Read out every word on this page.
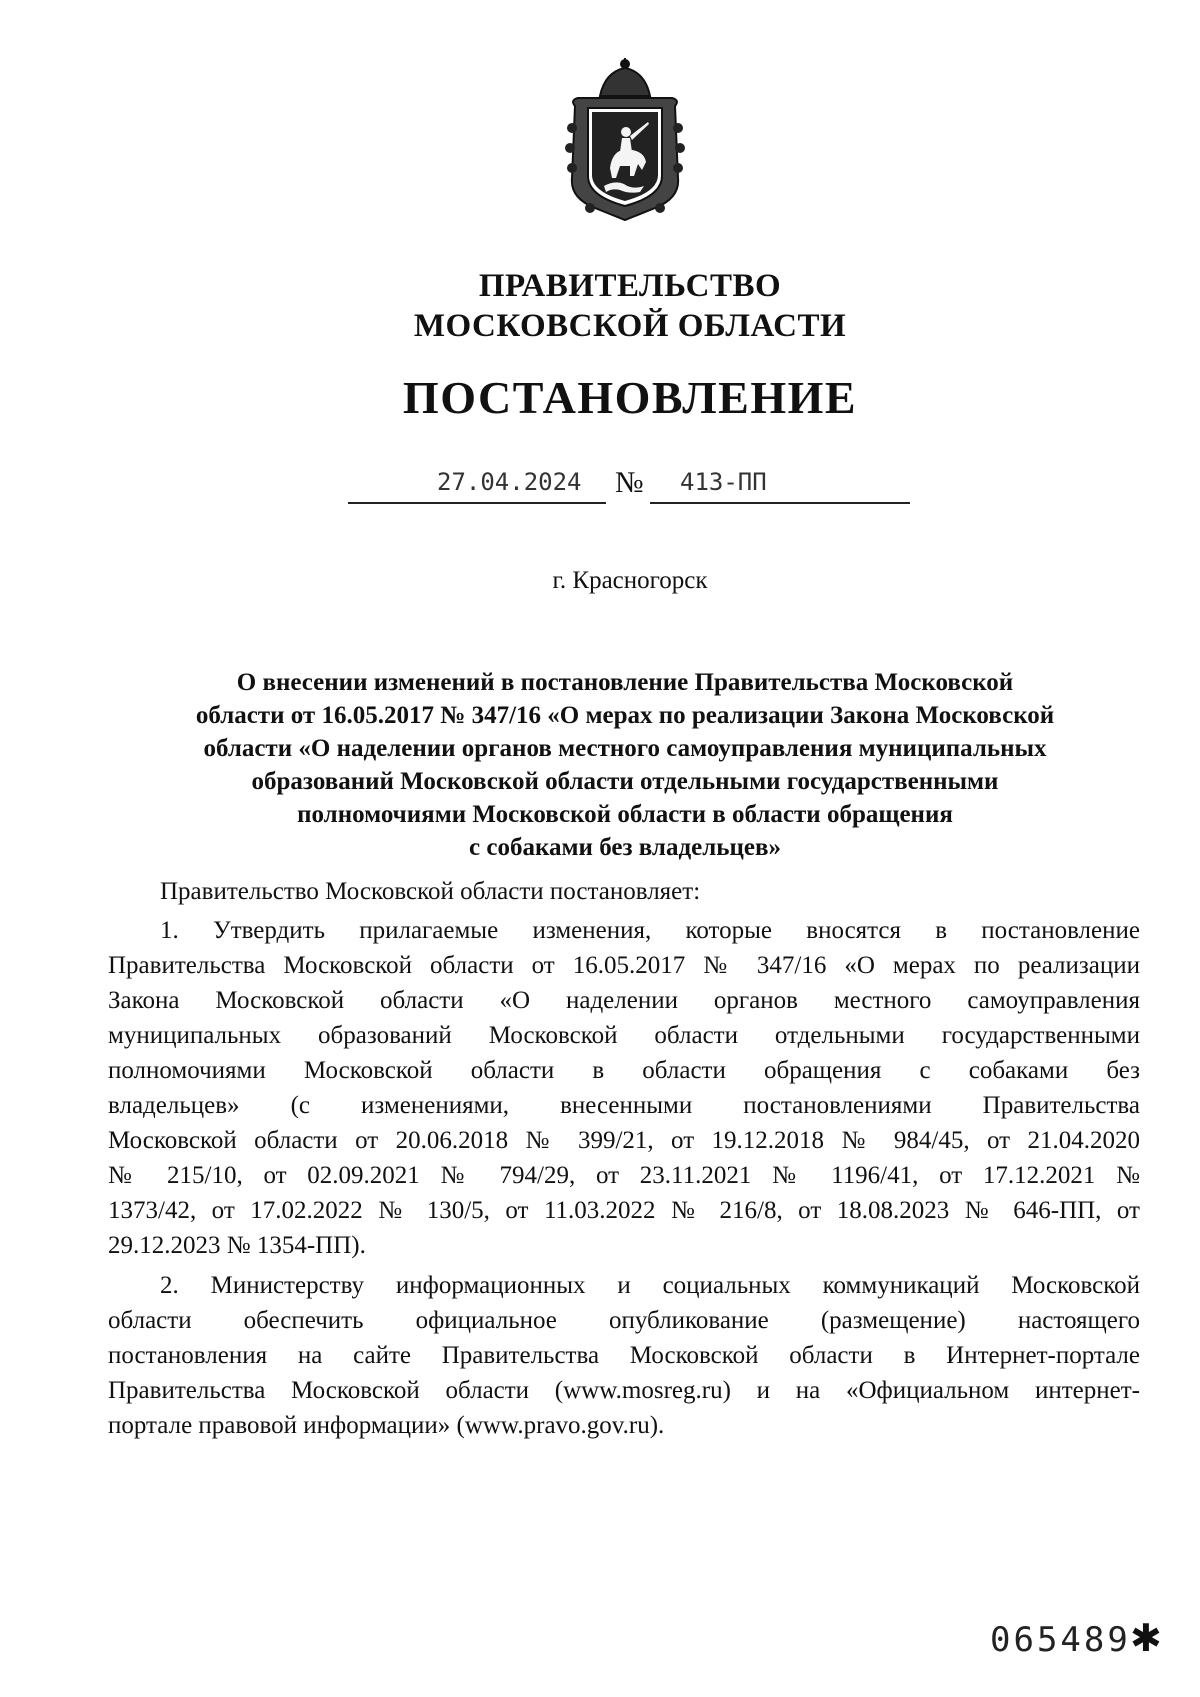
ПРАВИТЕЛЬСТВО
МОСКОВСКОЙ ОБЛАСТИ
ПОСТАНОВЛЕНИЕ
27.04.2024 № 413-ПП
г. Красногорск
О внесении изменений в постановление Правительства Московской
области от 16.05.2017 № 347/16 «О мерах по реализации Закона Московской
области «О наделении органов местного самоуправления муниципальных
образований Московской области отдельными государственными
полномочиями Московской области в области обращения
с собаками без владельцев»
Правительство Московской области постановляет:
1. Утвердить прилагаемые изменения, которые вносятся в постановление
Правительства Московской области от 16.05.2017 № 347/16 «О мерах по реализации
Закона Московской области «О наделении органов местного самоуправления
муниципальных образований Московской области отдельными государственными
полномочиями Московской области в области обращения с собаками без
владельцев» (с изменениями, внесенными постановлениями Правительства
Московской области от 20.06.2018 № 399/21, от 19.12.2018 № 984/45, от 21.04.2020
№ 215/10, от 02.09.2021 № 794/29, от 23.11.2021 № 1196/41, от 17.12.2021 №
1373/42, от 17.02.2022 № 130/5, от 11.03.2022 № 216/8, от 18.08.2023 № 646-ПП, от
29.12.2023 № 1354-ПП).
2. Министерству информационных и социальных коммуникаций Московской
области обеспечить официальное опубликование (размещение) настоящего
постановления на сайте Правительства Московской области в Интернет-портале
Правительства Московской области (www.mosreg.ru) и на «Официальном интернет-
портале правовой информации» (www.pravo.gov.ru).
065489 ✱
